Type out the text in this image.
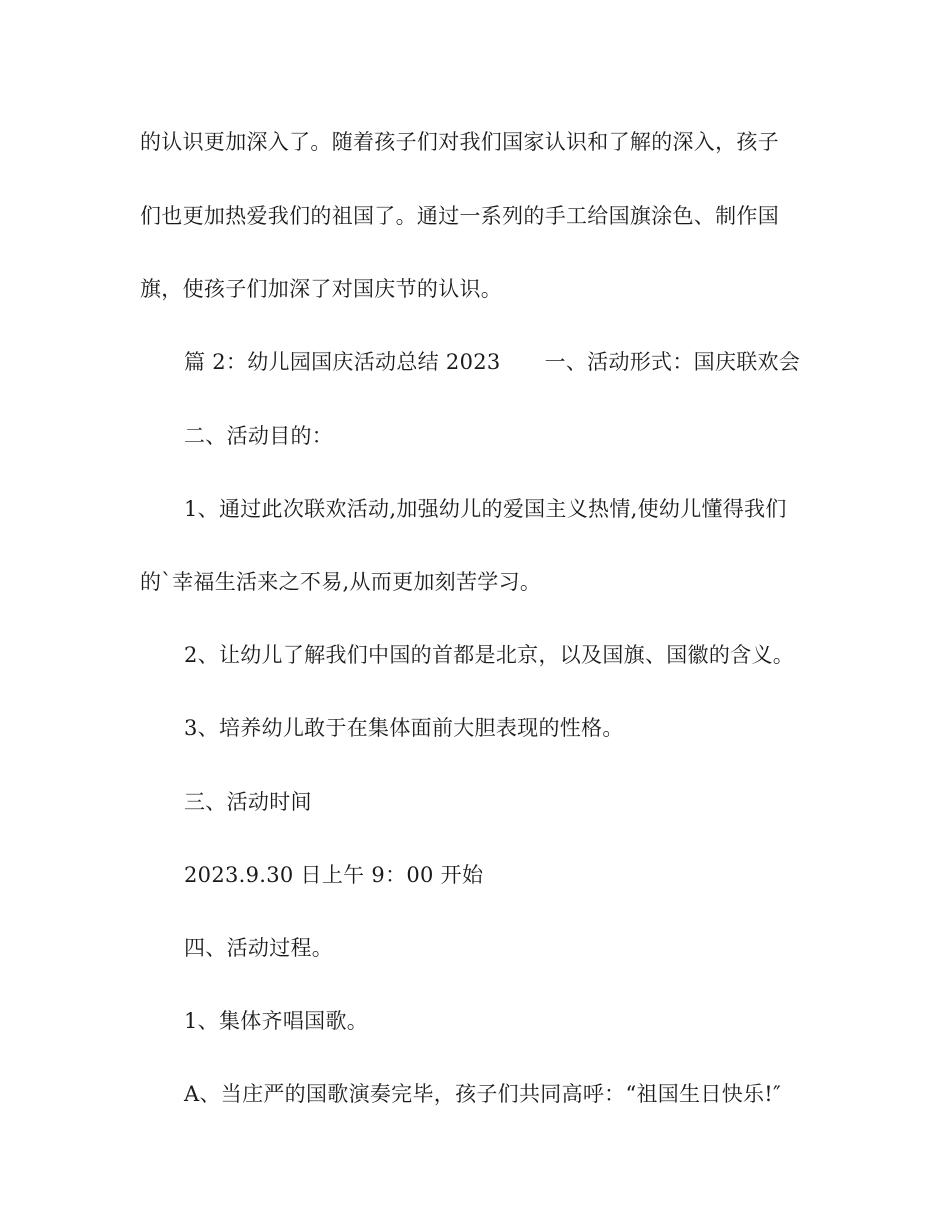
的认识更加深入了。随着孩子们对我们国家认识和了解的深入，孩子
们也更加热爱我们的祖国了。通过一系列的手工给国旗涂色、制作国
旗，使孩子们加深了对国庆节的认识。
篇 2：幼儿园国庆活动总结 2023 一、活动形式：国庆联欢会
二、活动目的：
1、通过此次联欢活动,加强幼儿的爱国主义热情,使幼儿懂得我们
的`幸福生活来之不易,从而更加刻苦学习。
2、让幼儿了解我们中国的首都是北京，以及国旗、国徽的含义。
3、培养幼儿敢于在集体面前大胆表现的性格。
三、活动时间
2023.9.30 日上午 9：00 开始
四、活动过程。
1、集体齐唱国歌。
A、当庄严的国歌演奏完毕，孩子们共同高呼：“祖国生日快乐!″
